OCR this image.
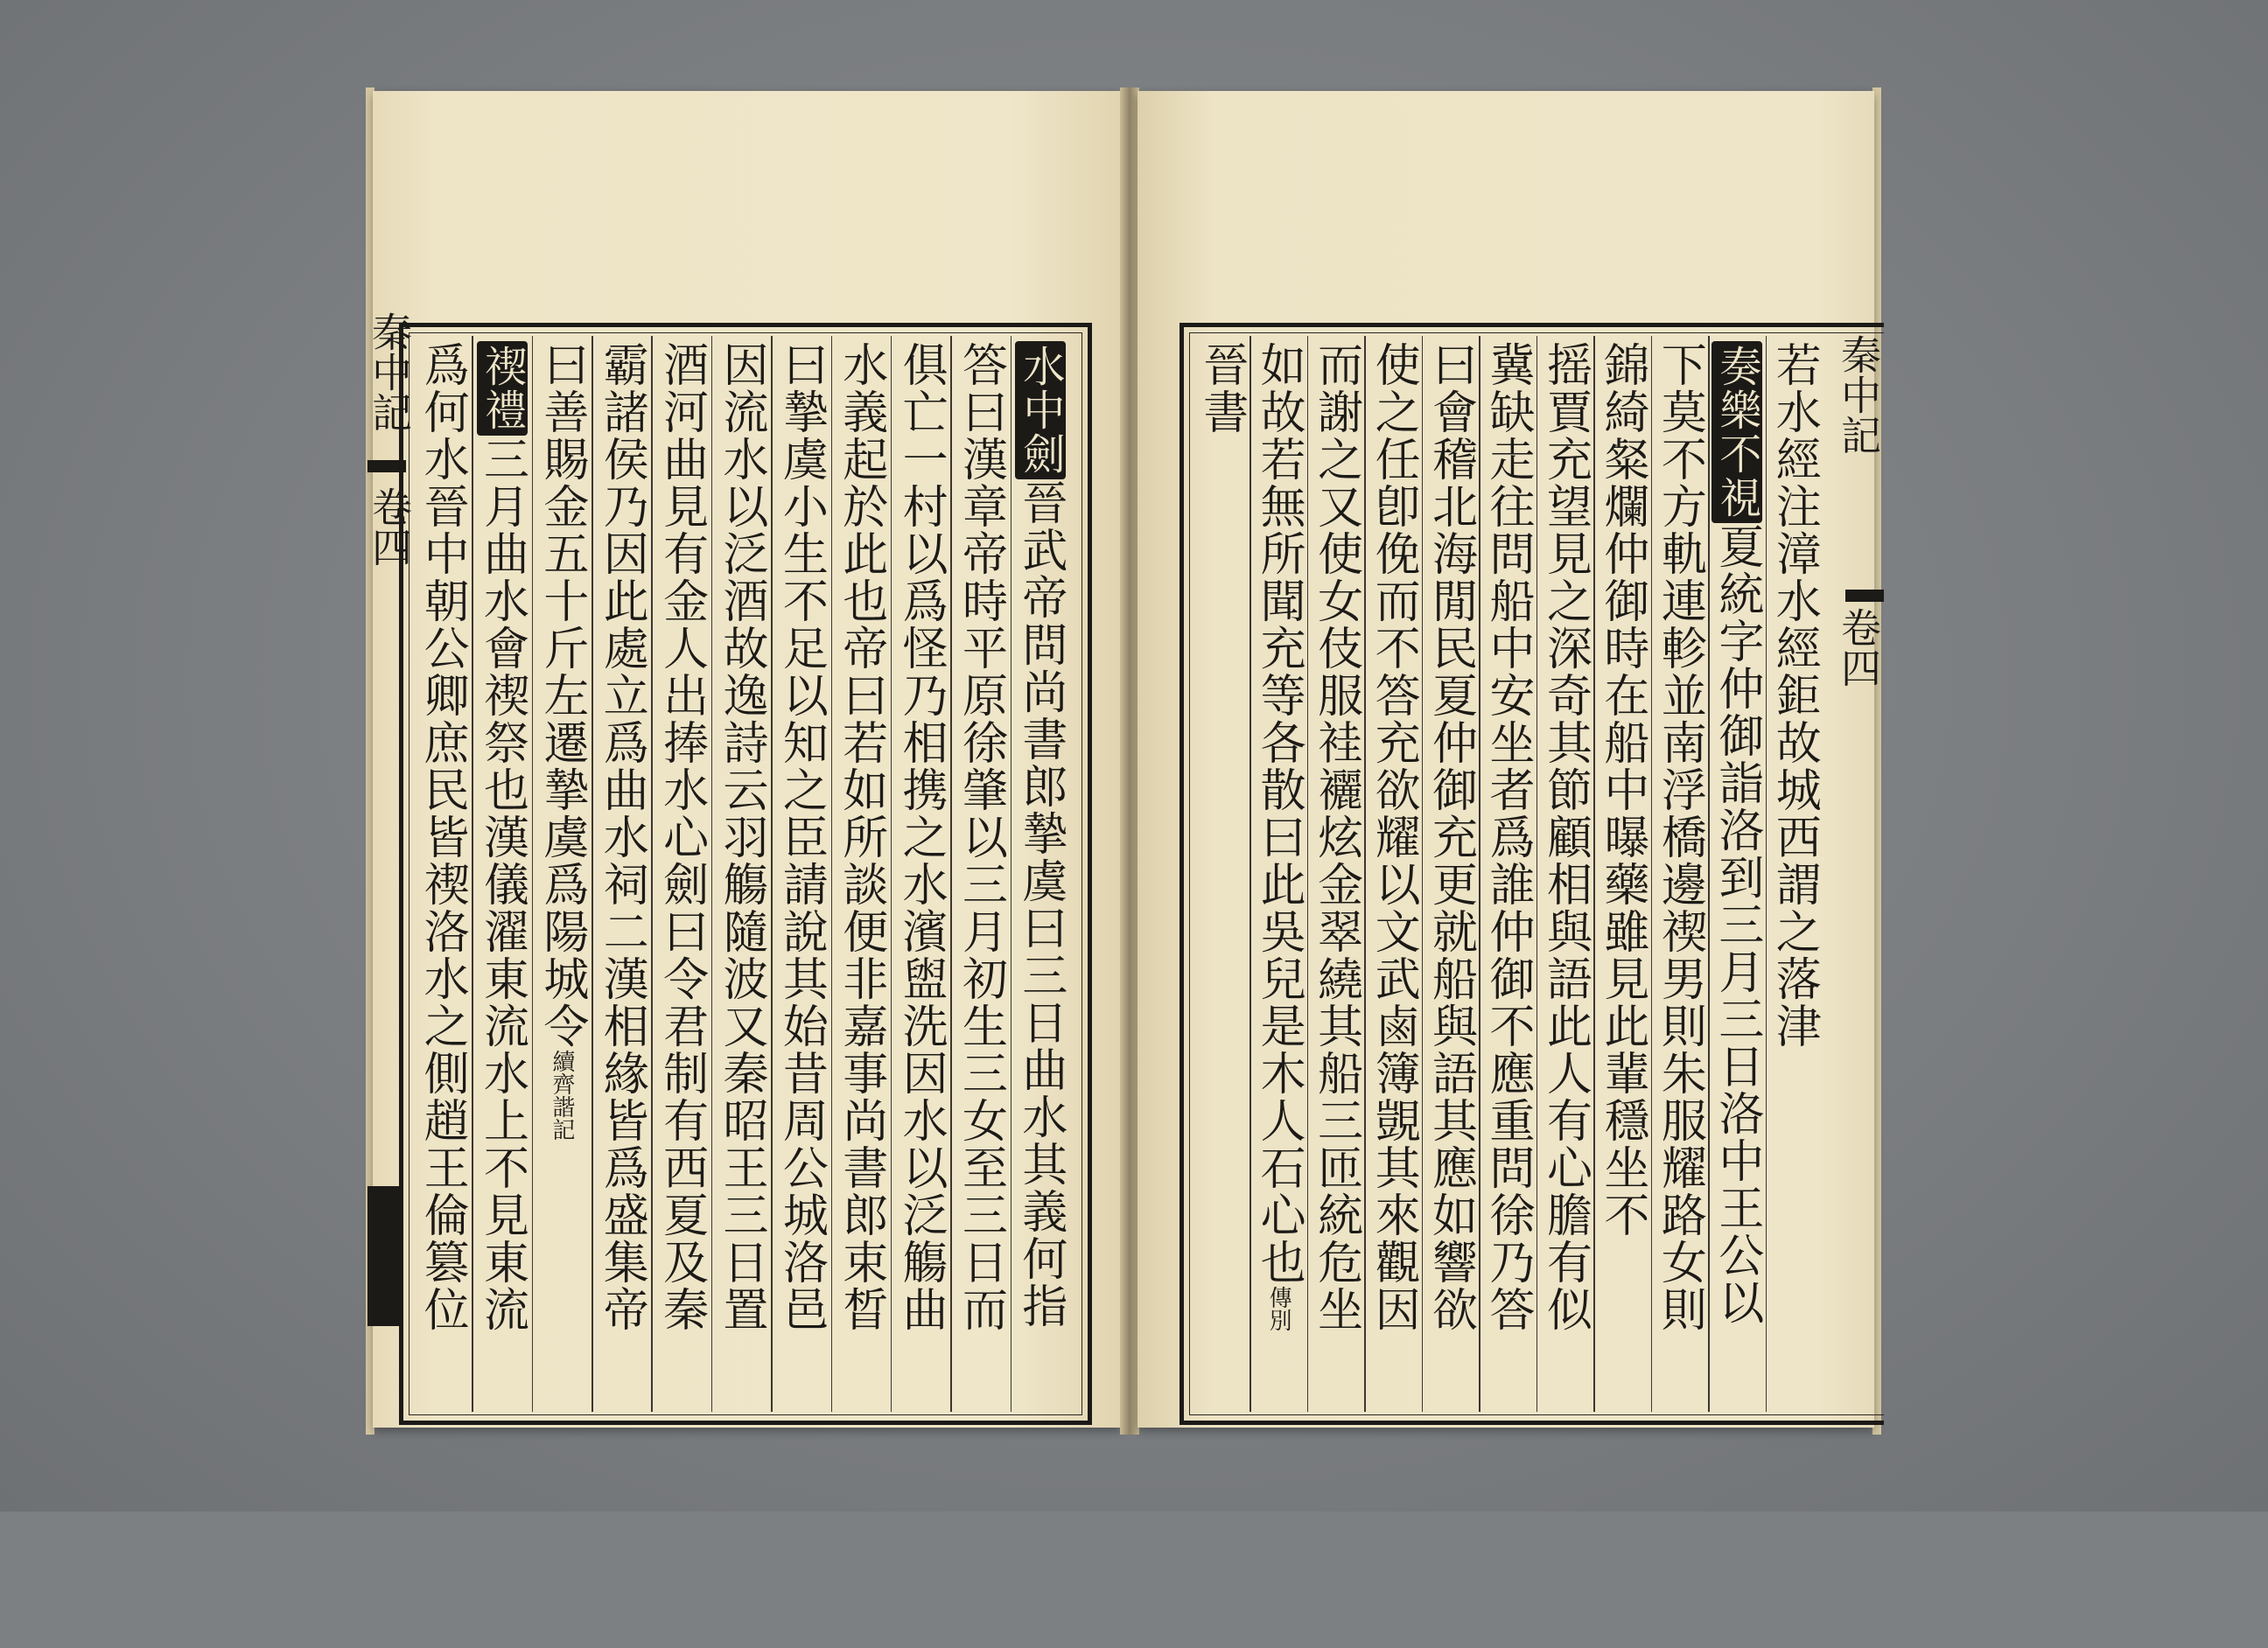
秦中記
卷四
水中劍晉武帝問尚書郎摯虞曰三日曲水其義何指
答曰漢章帝時平原徐肇以三月初生三女至三日而
俱亡一村以爲怪乃相携之水濱盥洗因水以泛觴曲
水義起於此也帝曰若如所談便非嘉事尚書郎束晳
曰摯虞小生不足以知之臣請說其始昔周公城洛邑
因流水以泛酒故逸詩云羽觴隨波又秦昭王三日置
酒河曲見有金人出捧水心劍曰令君制有西夏及秦
霸諸侯乃因此處立爲曲水祠二漢相緣皆爲盛集帝
曰善賜金五十斤左遷摯虞爲陽城令續齊諧記
禊禮三月曲水會禊祭也漢儀濯東流水上不見東流
爲何水晉中朝公卿庶民皆禊洛水之側趙王倫篡位	若水經注漳水經鉅故城西謂之落津
奏樂不視夏統字仲御詣洛到三月三日洛中王公以
下莫不方軌連軫並南浮橋邊禊男則朱服耀路女則
錦綺粲爛仲御時在船中曝藥雖見此輩穩坐不
摇賈充望見之深奇其節顧相與語此人有心膽有似
冀缺走往問船中安坐者爲誰仲御不應重問徐乃答
曰會稽北海閒民夏仲御充更就船與語其應如響欲
使之任卽俛而不答充欲耀以文武鹵簿覬其來觀因
而謝之又使女伎服袿襹炫金翠繞其船三匝統危坐
如故若無所聞充等各散曰此吳兒是木人石心也傳別
晉書	秦中記
卷四
